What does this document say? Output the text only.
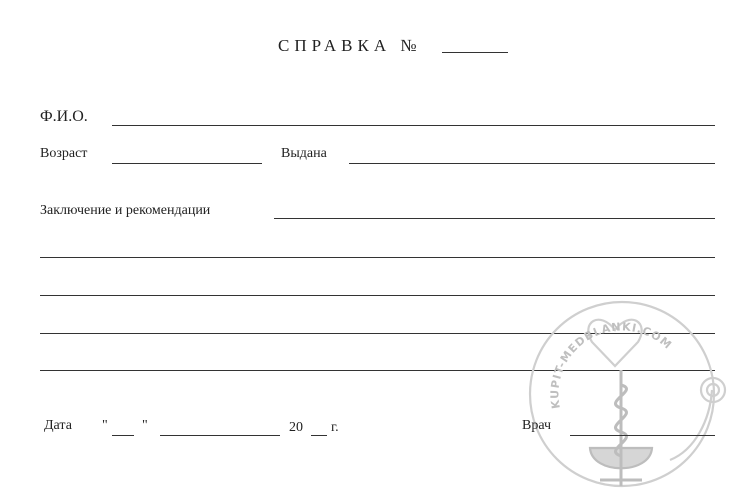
СПРАВКА №
Ф.И.О.
Возраст	Выдана
Заключение и рекомендации
KUPIT-MEDBLANKI.COM
Дата " "	20 г.	Врач
